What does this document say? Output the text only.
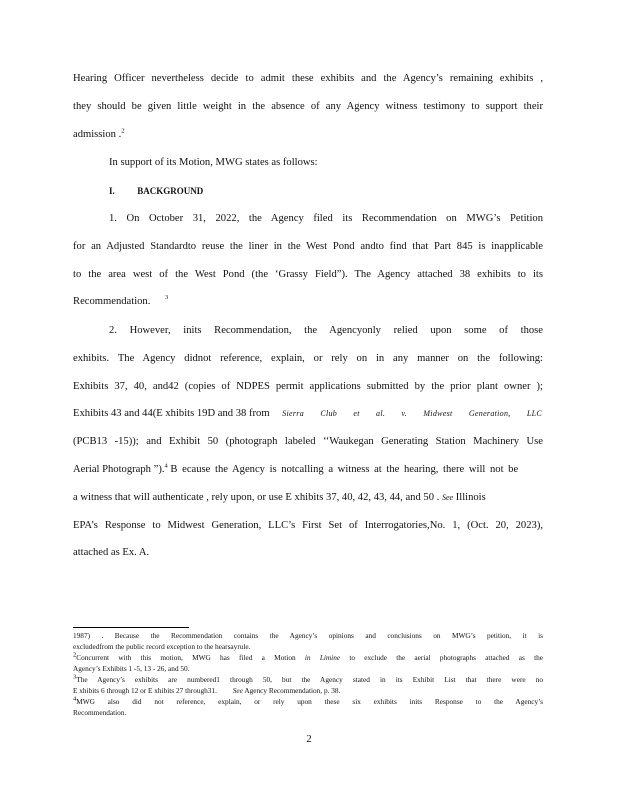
Hearing Officer nevertheless decide to admit these exhibits and the Agency’s remaining exhibits ,
they should be given little weight in the absence of any Agency witness testimony to support their
admission .$^2$
In support of its Motion, MWG states as follows:
I.	BACKGROUND
1. On October 31, 2022, the Agency filed its Recommendation on MWG’s Petition
for an Adjusted Standardto reuse the liner in the West Pond andto find that Part 845 is inapplicable
to the area west of the West Pond (the ‘Grassy Field”). The Agency attached 38 exhibits to its
Recommendation. $^3$
2. However, inits Recommendation, the Agencyonly relied upon some of those
exhibits. The Agency didnot reference, explain, or rely on in any manner on the following:
Exhibits 37, 40, and42 (copies of NDPES permit applications submitted by the prior plant owner );
Exhibits 43 and 44(E xhibits 19D and 38 from Sierra Club et al. v. Midwest Generation, LLC
(PCB13 -15)); and Exhibit 50 (photograph labeled ‘‘Waukegan Generating Station Machinery Use
Aerial Photograph ”).$^4$ B ecause the Agency is notcalling a witness at the hearing, there will not be
a witness that will authenticate , rely upon, or use E xhibits 37, 40, 42, 43, 44, and 50 . See Illinois
EPA’s Response to Midwest Generation, LLC’s First Set of Interrogatories,No. 1, (Oct. 20, 2023),
attached as Ex. A.
1987) . Because the Recommendation contains the Agency’s opinions and conclusions on MWG’s petition, it is
excludedfrom the public record exception to the hearsayrule.
$^2$Concurrent with this motion, MWG has filed a Motion in Limine to exclude the aerial photographs attached as the
Agency’s Exhibits 1 -5, 13 - 26, and 50.
$^3$The Agency’s exhibits are numbered1 through 50, but the Agency stated in its Exhibit List that there were no
E xhibits 6 through 12 or E xhibits 27 through31. See Agency Recommendation, p. 38.
$^4$MWG also did not reference, explain, or rely upon these six exhibits inits Response to the Agency’s
Recommendation.
2
